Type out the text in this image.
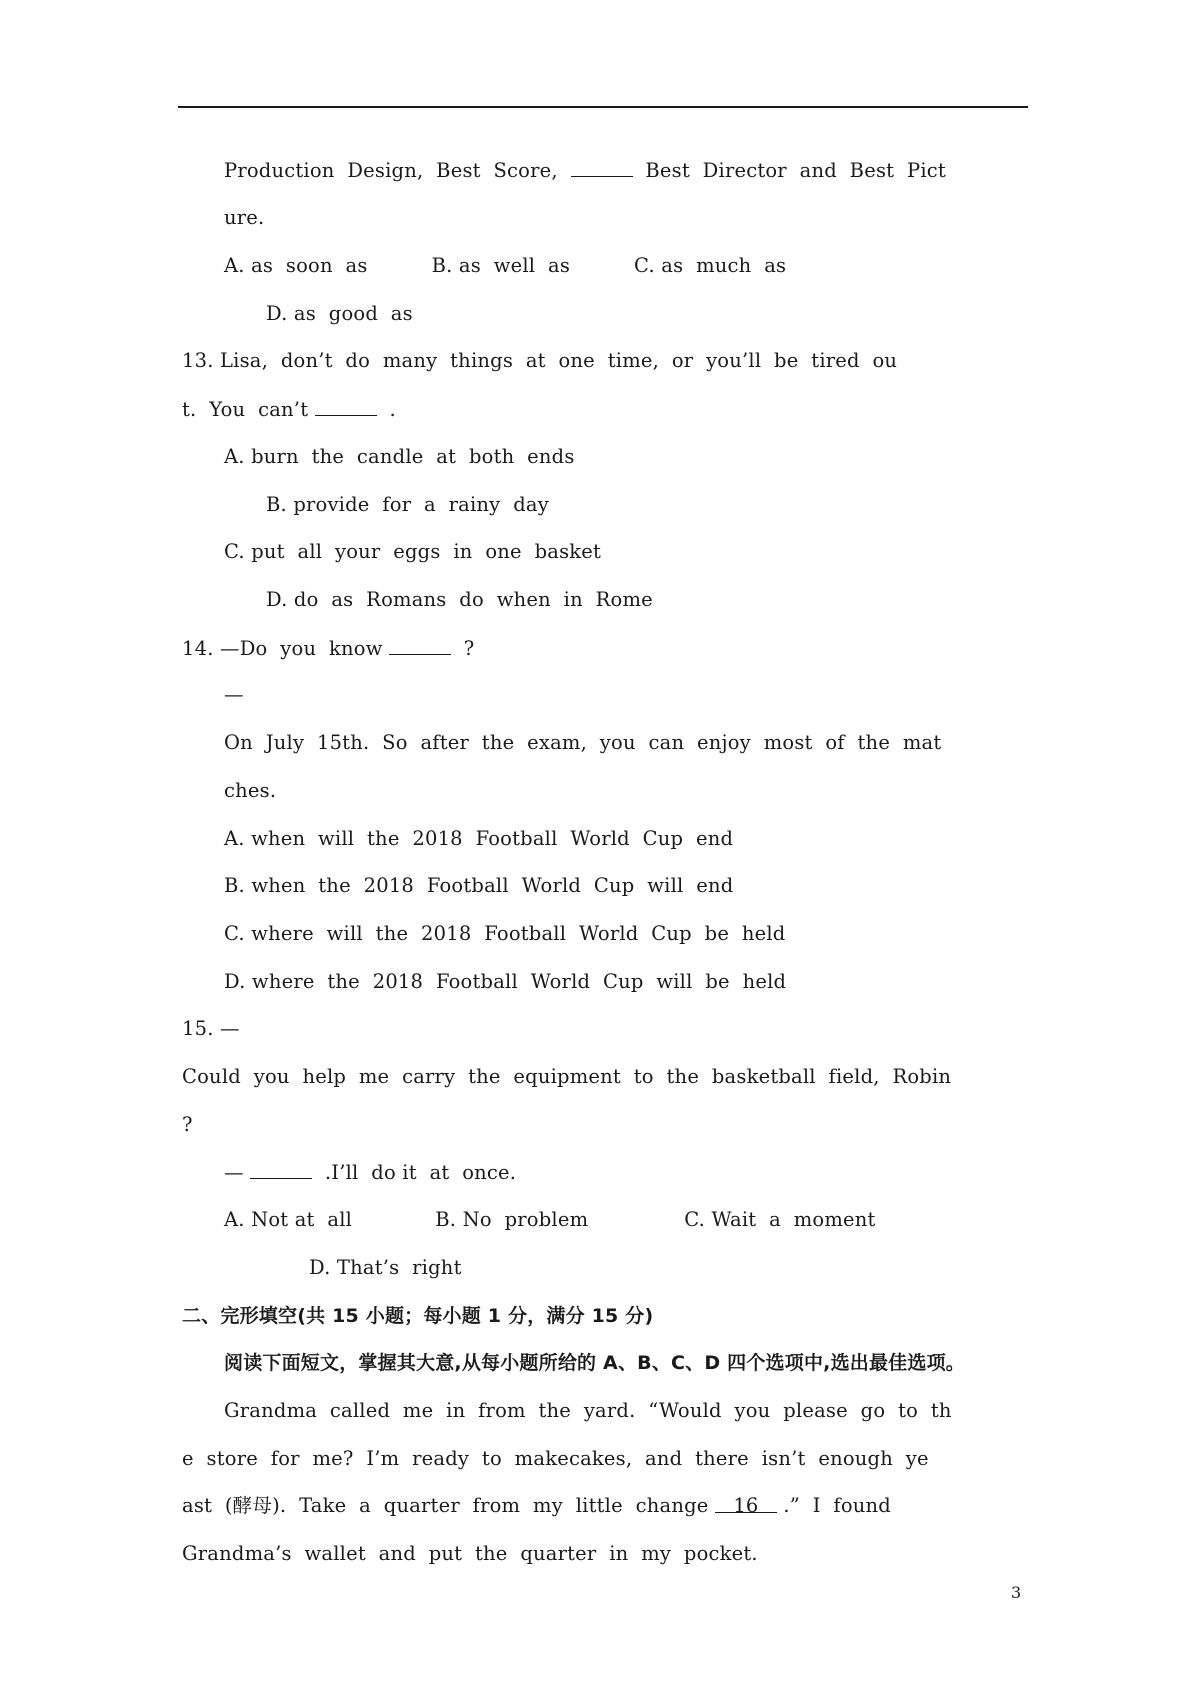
Production  Design,  Best  Score,	Best  Director  and  Best  Pict
ure.
A. as  soon  as          B. as  well  as          C. as  much  as
D. as  good  as
13. Lisa,  don’t  do  many  things  at  one  time,  or  you’ll  be  tired  ou
t.  You  can’t	.
A. burn  the  candle  at  both  ends
B. provide  for  a  rainy  day
C. put  all  your  eggs  in  one  basket
D. do  as  Romans  do  when  in  Rome
14. —Do  you  know	?
—
On  July  15th.  So  after  the  exam,  you  can  enjoy  most  of  the  mat
ches.
A. when  will  the  2018  Football  World  Cup  end
B. when  the  2018  Football  World  Cup  will  end
C. where  will  the  2018  Football  World  Cup  be  held
D. where  the  2018  Football  World  Cup  will  be  held
15. —
Could  you  help  me  carry  the  equipment  to  the  basketball  field,  Robin
?
—	.I’ll  do it  at  once.
A. Not at  all             B. No  problem               C. Wait  a  moment
D. That’s  right
二、完形填空(共 15 小题；每小题 1 分，满分 15 分)
阅读下面短文，掌握其大意,从每小题所给的 A、B、C、D 四个选项中,选出最佳选项。
Grandma  called  me  in  from  the  yard.  “Would  you  please  go  to  th
e  store  for  me?  I’m  ready  to  makecakes,  and  there  isn’t  enough  ye
ast  (酵母).  Take  a  quarter  from  my  little  change 16 .”  I  found
Grandma’s  wallet  and  put  the  quarter  in  my  pocket.
3
